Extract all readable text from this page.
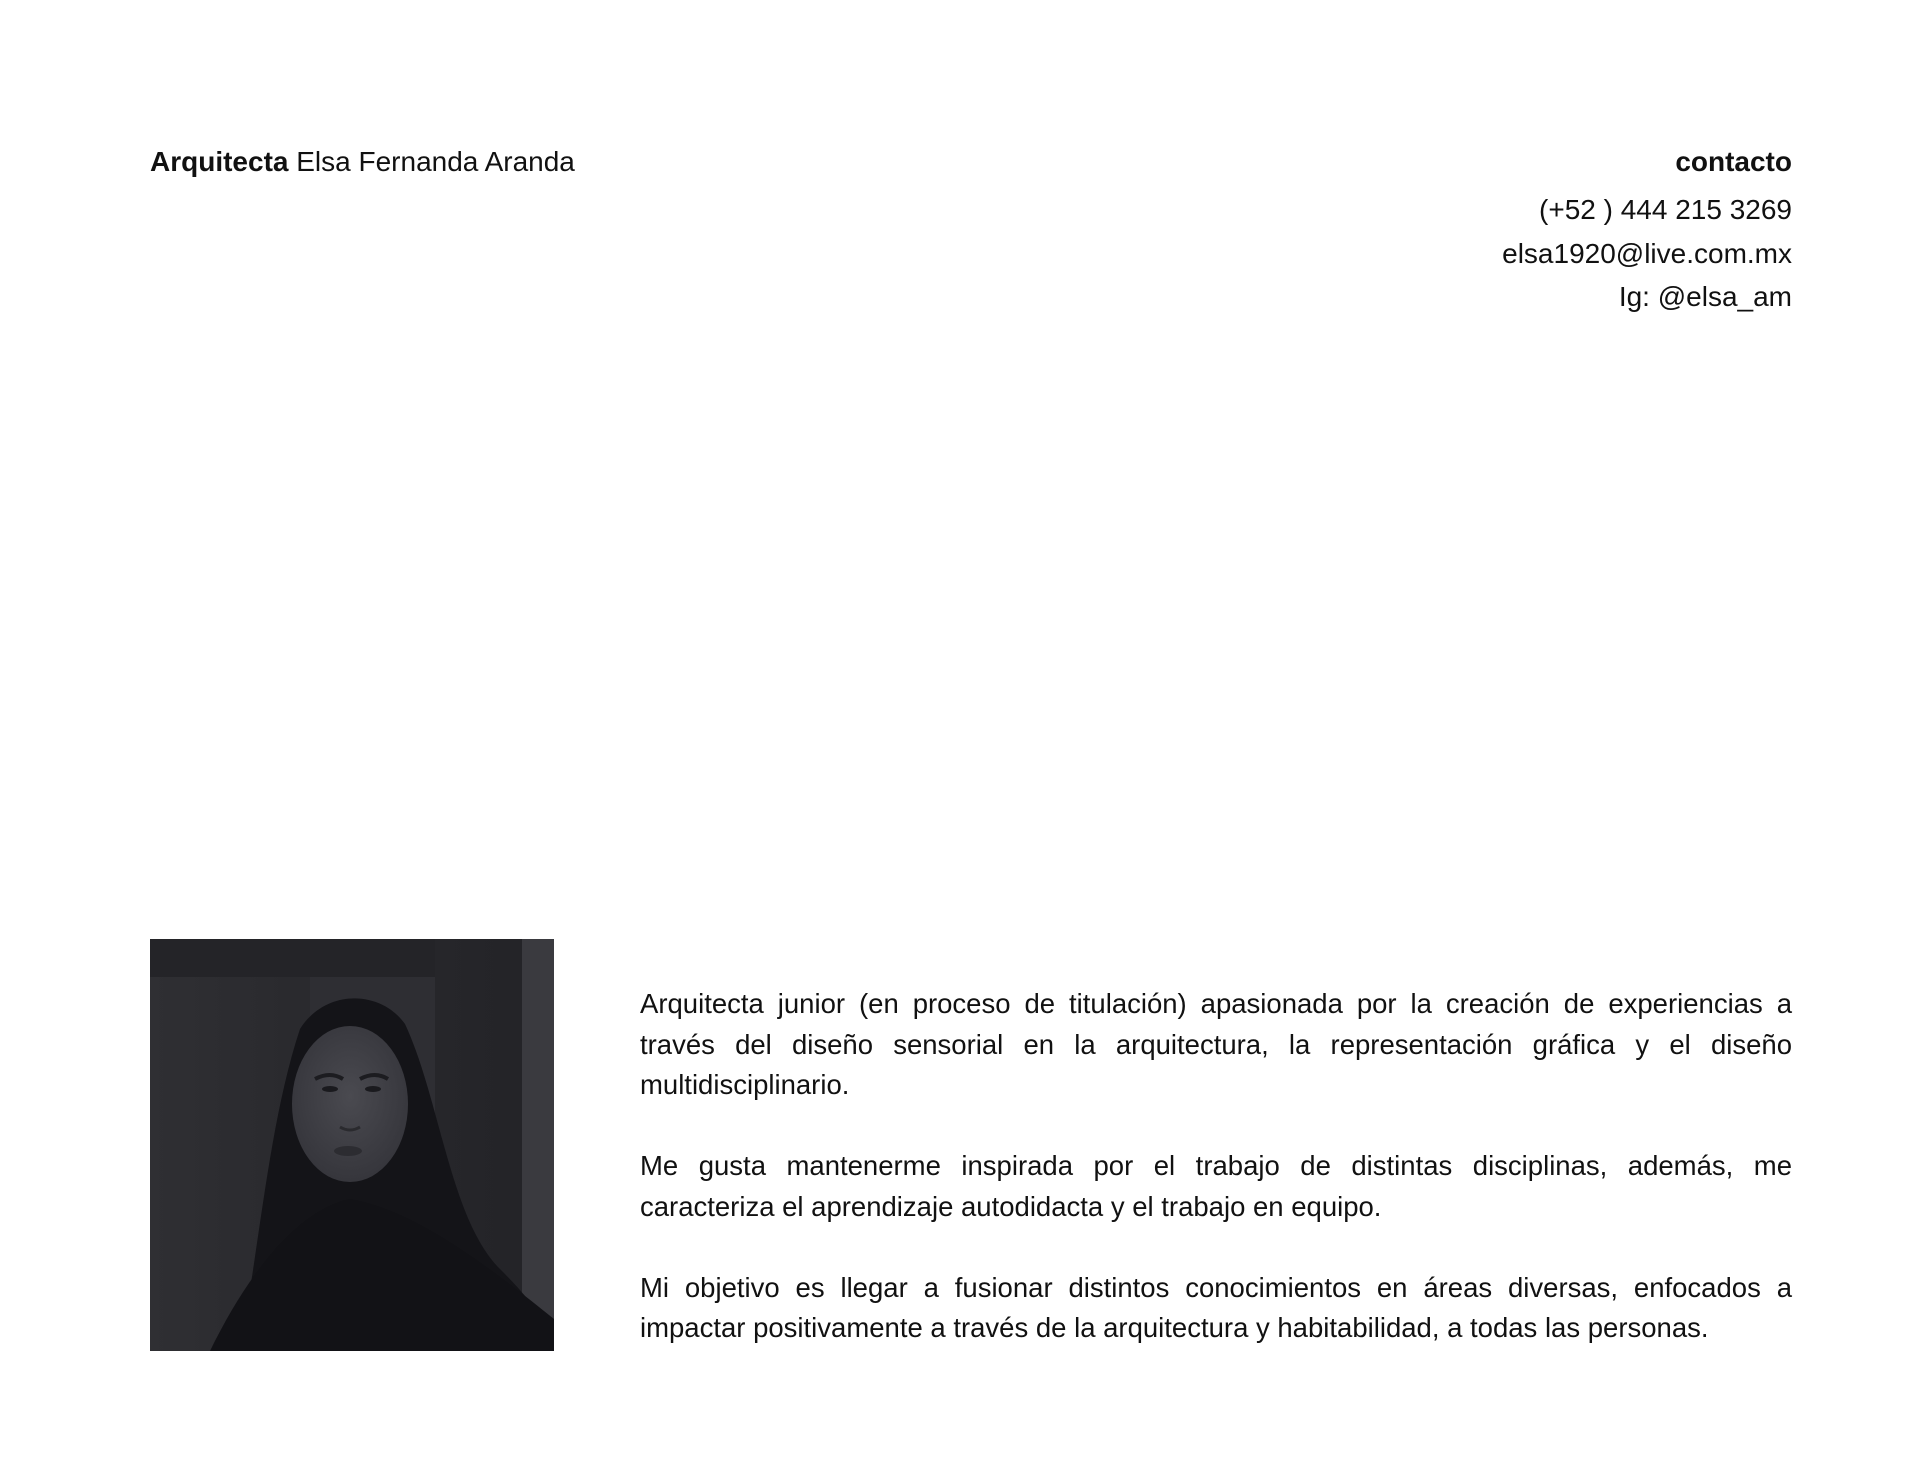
Arquitecta Elsa Fernanda Aranda	contacto
(+52 ) 444 215 3269
elsa1920@live.com.mx
Ig: @elsa_am

Arquitecta junior (en proceso de titulación) apasionada por la creación de experiencias a través del diseño sensorial en la arquitectura, la representación gráfica y el diseño multidisciplinario.

Me gusta mantenerme inspirada por el trabajo de distintas disciplinas, además, me caracteriza el aprendizaje autodidacta y el trabajo en equipo.

Mi objetivo es llegar a fusionar distintos conocimientos en áreas diversas, enfocados a impactar positivamente a través de la arquitectura y habitabilidad, a todas las personas.
